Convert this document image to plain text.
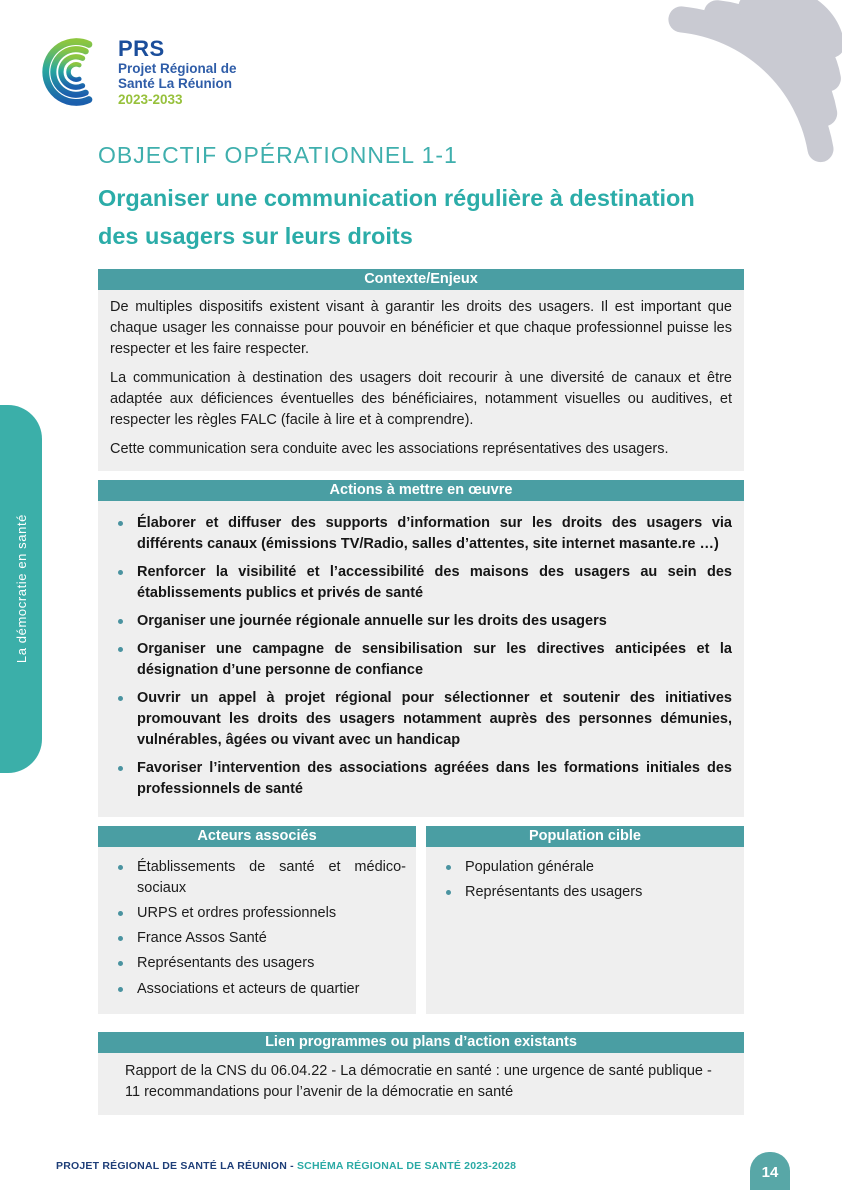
PRS
Projet Régional de
Santé La Réunion
2023-2033
La démocratie en santé
OBJECTIF OPÉRATIONNEL 1-1
Organiser une communication régulière à destination
des usagers sur leurs droits
Contexte/Enjeux

De multiples dispositifs existent visant à garantir les droits des usagers. Il est important que chaque usager les connaisse pour pouvoir en bénéficier et que chaque professionnel puisse les respecter et les faire respecter.

La communication à destination des usagers doit recourir à une diversité de canaux et être adaptée aux déficiences éventuelles des bénéficiaires, notamment visuelles ou auditives, et respecter les règles FALC (facile à lire et à comprendre).

Cette communication sera conduite avec les associations représentatives des usagers.

Actions à mettre en œuvre
Élaborer et diffuser des supports d’information sur les droits des usagers via différents canaux (émissions TV/Radio, salles d’attentes, site internet masante.re …)
Renforcer la visibilité et l’accessibilité des maisons des usagers au sein des établissements publics et privés de santé
Organiser une journée régionale annuelle sur les droits des usagers
Organiser une campagne de sensibilisation sur les directives anticipées et la désignation d’une personne de confiance
Ouvrir un appel à projet régional pour sélectionner et soutenir des initiatives promouvant les droits des usagers notamment auprès des personnes démunies, vulnérables, âgées ou vivant avec un handicap
Favoriser l’intervention des associations agréées dans les formations initiales des professionnels de santé
Acteurs associés
Établissements de santé et médico-sociaux
URPS et ordres professionnels
France Assos Santé
Représentants des usagers
Associations et acteurs de quartier
Population cible
Population générale
Représentants des usagers
Lien programmes ou plans d’action existants
Rapport de la CNS du 06.04.22 - La démocratie en santé : une urgence de santé publique - 11 recommandations pour l’avenir de la démocratie en santé
PROJET RÉGIONAL DE SANTÉ LA RÉUNION - SCHÉMA RÉGIONAL DE SANTÉ 2023-2028	14
